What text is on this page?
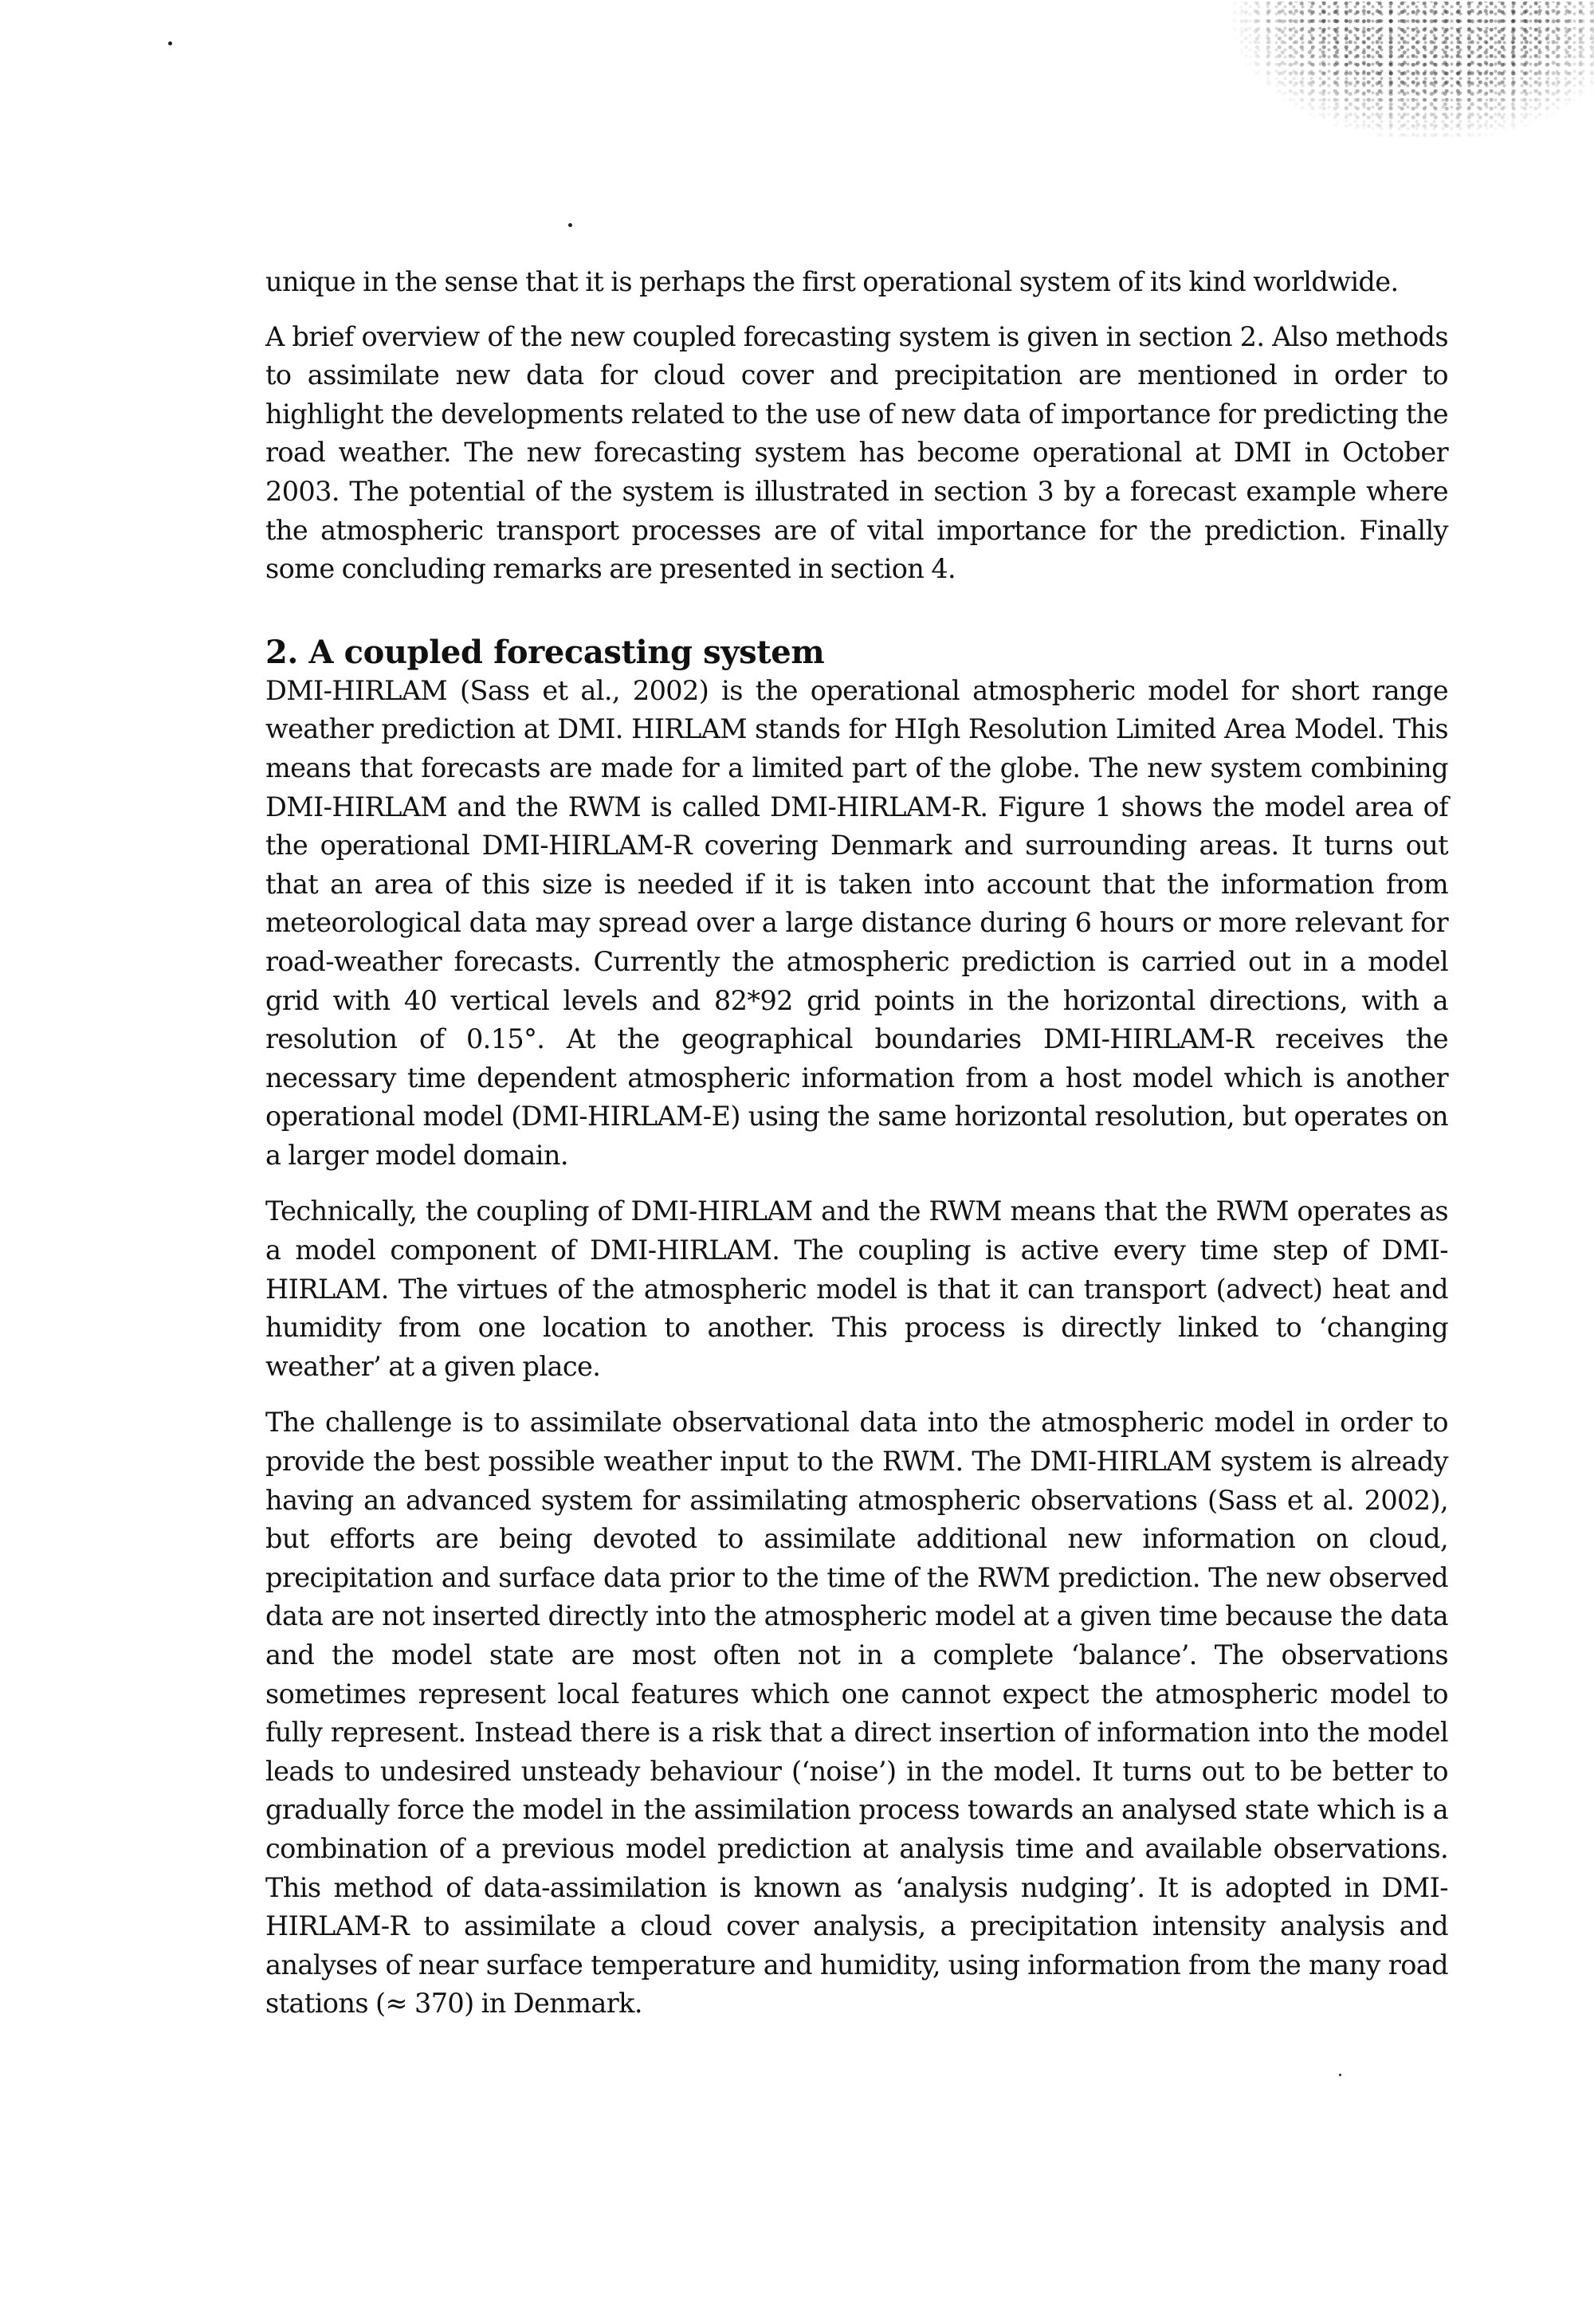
unique in the sense that it is perhaps the first operational system of its kind worldwide.

A brief overview of the new coupled forecasting system is given in section 2. Also methods to assimilate new data for cloud cover and precipitation are mentioned in order to highlight the developments related to the use of new data of importance for predicting the road weather. The new forecasting system has become operational at DMI in October 2003. The potential of the system is illustrated in section 3 by a forecast example where the atmospheric transport processes are of vital importance for the prediction. Finally some concluding remarks are presented in section 4.

2. A coupled forecasting system

DMI-HIRLAM (Sass et al., 2002) is the operational atmospheric model for short range weather prediction at DMI. HIRLAM stands for HIgh Resolution Limited Area Model. This means that forecasts are made for a limited part of the globe. The new system combining DMI-HIRLAM and the RWM is called DMI-HIRLAM-R. Figure 1 shows the model area of the operational DMI-HIRLAM-R covering Denmark and surrounding areas. It turns out that an area of this size is needed if it is taken into account that the information from meteorological data may spread over a large distance during 6 hours or more relevant for road-weather forecasts. Currently the atmospheric prediction is carried out in a model grid with 40 vertical levels and 82*92 grid points in the horizontal directions, with a resolution of 0.15°. At the geographical boundaries DMI-HIRLAM-R receives the necessary time dependent atmospheric information from a host model which is another operational model (DMI-HIRLAM-E) using the same horizontal resolution, but operates on a larger model domain.

Technically, the coupling of DMI-HIRLAM and the RWM means that the RWM operates as a model component of DMI-HIRLAM. The coupling is active every time step of DMI-HIRLAM. The virtues of the atmospheric model is that it can transport (advect) heat and humidity from one location to another. This process is directly linked to ‘changing weather’ at a given place.

The challenge is to assimilate observational data into the atmospheric model in order to provide the best possible weather input to the RWM. The DMI-HIRLAM system is already having an advanced system for assimilating atmospheric observations (Sass et al. 2002), but efforts are being devoted to assimilate additional new information on cloud, precipitation and surface data prior to the time of the RWM prediction. The new observed data are not inserted directly into the atmospheric model at a given time because the data and the model state are most often not in a complete ‘balance’. The observations sometimes represent local features which one cannot expect the atmospheric model to fully represent. Instead there is a risk that a direct insertion of information into the model leads to undesired unsteady behaviour (‘noise’) in the model. It turns out to be better to gradually force the model in the assimilation process towards an analysed state which is a combination of a previous model prediction at analysis time and available observations. This method of data-assimilation is known as ‘analysis nudging’. It is adopted in DMI-HIRLAM-R to assimilate a cloud cover analysis, a precipitation intensity analysis and analyses of near surface temperature and humidity, using information from the many road stations (≈ 370) in Denmark.
